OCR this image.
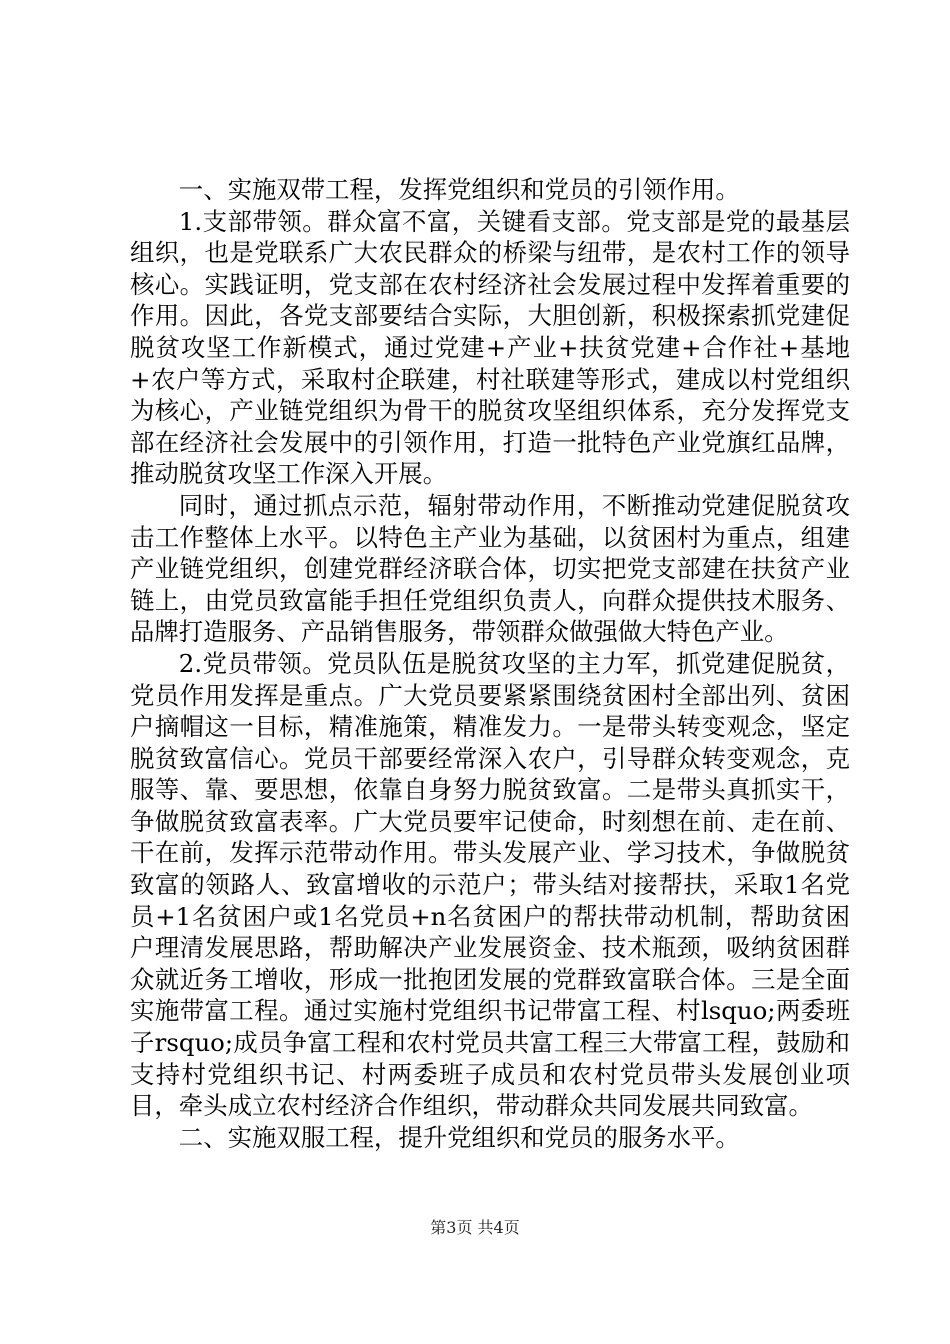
一、实施双带工程，发挥党组织和党员的引领作用。

1.支部带领。群众富不富，关键看支部。党支部是党的最基层组织，也是党联系广大农民群众的桥梁与纽带，是农村工作的领导核心。实践证明，党支部在农村经济社会发展过程中发挥着重要的作用。因此，各党支部要结合实际，大胆创新，积极探索抓党建促脱贫攻坚工作新模式，通过党建+产业+扶贫党建+合作社+基地+农户等方式，采取村企联建，村社联建等形式，建成以村党组织为核心，产业链党组织为骨干的脱贫攻坚组织体系，充分发挥党支部在经济社会发展中的引领作用，打造一批特色产业党旗红品牌，推动脱贫攻坚工作深入开展。

同时，通过抓点示范，辐射带动作用，不断推动党建促脱贫攻击工作整体上水平。以特色主产业为基础，以贫困村为重点，组建产业链党组织，创建党群经济联合体，切实把党支部建在扶贫产业链上，由党员致富能手担任党组织负责人，向群众提供技术服务、品牌打造服务、产品销售服务，带领群众做强做大特色产业。

2.党员带领。党员队伍是脱贫攻坚的主力军，抓党建促脱贫，党员作用发挥是重点。广大党员要紧紧围绕贫困村全部出列、贫困户摘帽这一目标，精准施策，精准发力。一是带头转变观念，坚定脱贫致富信心。党员干部要经常深入农户，引导群众转变观念，克服等、靠、要思想，依靠自身努力脱贫致富。二是带头真抓实干，争做脱贫致富表率。广大党员要牢记使命，时刻想在前、走在前、干在前，发挥示范带动作用。带头发展产业、学习技术，争做脱贫致富的领路人、致富增收的示范户；带头结对接帮扶，采取1名党员+1名贫困户或1名党员+n名贫困户的帮扶带动机制，帮助贫困户理清发展思路，帮助解决产业发展资金、技术瓶颈，吸纳贫困群众就近务工增收，形成一批抱团发展的党群致富联合体。三是全面实施带富工程。通过实施村党组织书记带富工程、村lsquo;两委班子rsquo;成员争富工程和农村党员共富工程三大带富工程，鼓励和支持村党组织书记、村两委班子成员和农村党员带头发展创业项目，牵头成立农村经济合作组织，带动群众共同发展共同致富。

二、实施双服工程，提升党组织和党员的服务水平。

第3页 共4页
